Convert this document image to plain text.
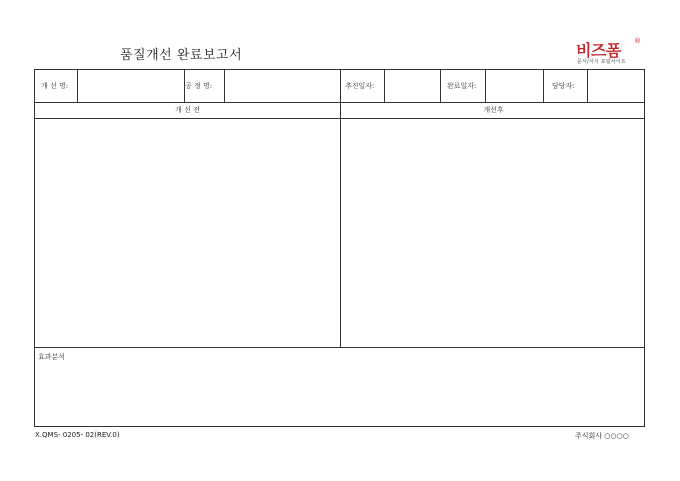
품질개선 완료보고서	비즈폼 ®
문서/서식 포털사이트
개 선 명:	공 정 명:	추진일자:	완료일자:	담당자:
개 선 전	개선후
효과분석
X.QMS- 0205- 02(REV.0)	주식회사 ○○○○
